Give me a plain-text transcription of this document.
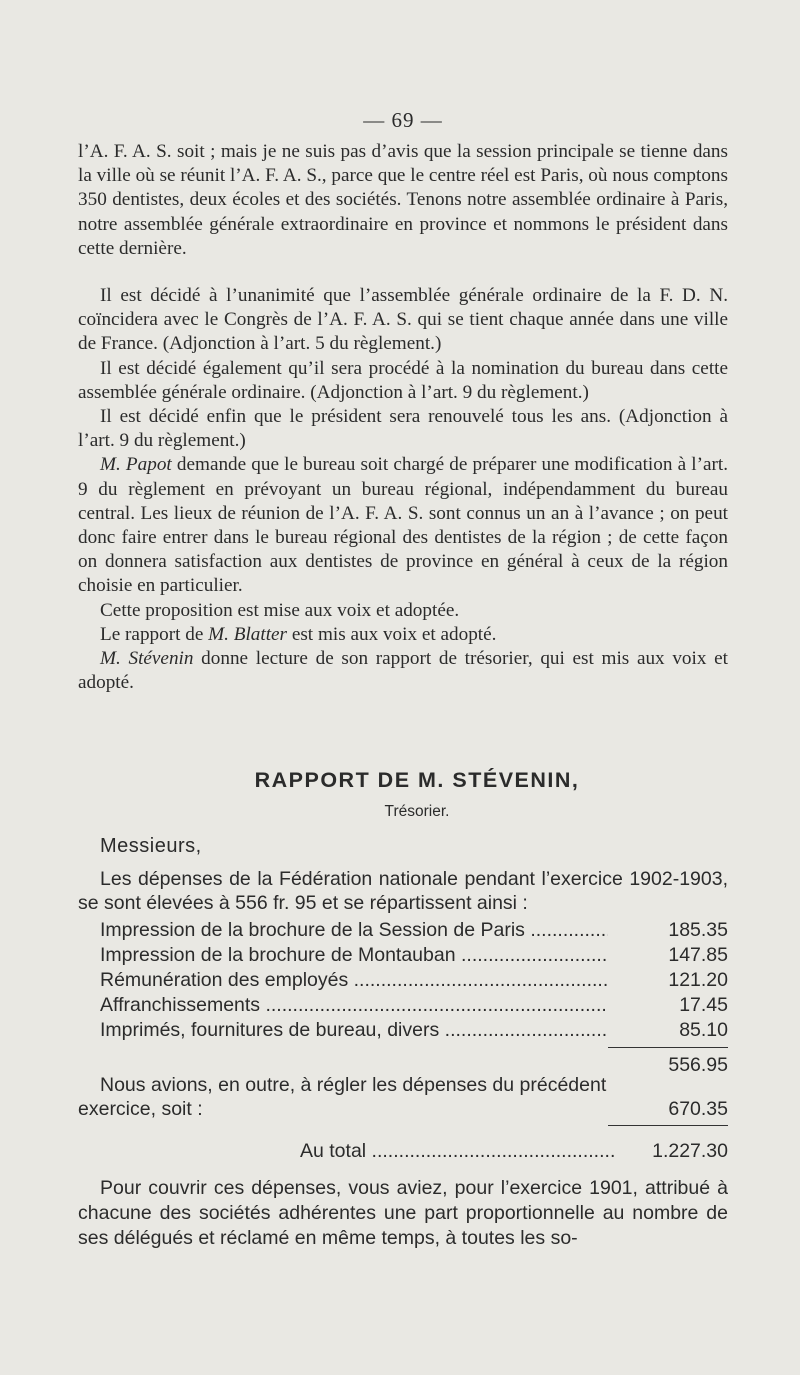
— 69 —

l’A. F. A. S. soit ; mais je ne suis pas d’avis que la session principale se tienne dans la ville où se réunit l’A. F. A. S., parce que le centre réel est Paris, où nous comptons 350 dentistes, deux écoles et des sociétés. Tenons notre assemblée ordinaire à Paris, notre assemblée générale extraordinaire en province et nommons le président dans cette dernière.

Il est décidé à l’unanimité que l’assemblée générale ordinaire de la F. D. N. coïncidera avec le Congrès de l’A. F. A. S. qui se tient chaque année dans une ville de France. (Adjonction à l’art. 5 du règlement.)

Il est décidé également qu’il sera procédé à la nomination du bureau dans cette assemblée générale ordinaire. (Adjonction à l’art. 9 du règlement.)

Il est décidé enfin que le président sera renouvelé tous les ans. (Adjonction à l’art. 9 du règlement.)

M. Papot demande que le bureau soit chargé de préparer une modification à l’art. 9 du règlement en prévoyant un bureau régional, indépendamment du bureau central. Les lieux de réunion de l’A. F. A. S. sont connus un an à l’avance ; on peut donc faire entrer dans le bureau régional des dentistes de la région ; de cette façon on donnera satisfaction aux dentistes de province en général à ceux de la région choisie en particulier.

Cette proposition est mise aux voix et adoptée.

Le rapport de M. Blatter est mis aux voix et adopté.

M. Stévenin donne lecture de son rapport de trésorier, qui est mis aux voix et adopté.

RAPPORT DE M. STÉVENIN,
Trésorier.
Messieurs,
Les dépenses de la Fédération nationale pendant l’exercice 1902-1903, se sont élevées à 556 fr. 95 et se répartissent ainsi :
Impression de la brochure de la Session de Paris .....	185.35
Impression de la brochure de Montauban .....	147.85
Rémunération des employés .....	121.20
Affranchissements .....	17.45
Imprimés, fournitures de bureau, divers .....	85.10
556.95
Nous avions, en outre, à régler les dépenses du précédent exercice, soit :	670.35
Au total .....	1.227.30
Pour couvrir ces dépenses, vous aviez, pour l’exercice 1901, attribué à chacune des sociétés adhérentes une part proportionnelle au nombre de ses délégués et réclamé en même temps, à toutes les so-
